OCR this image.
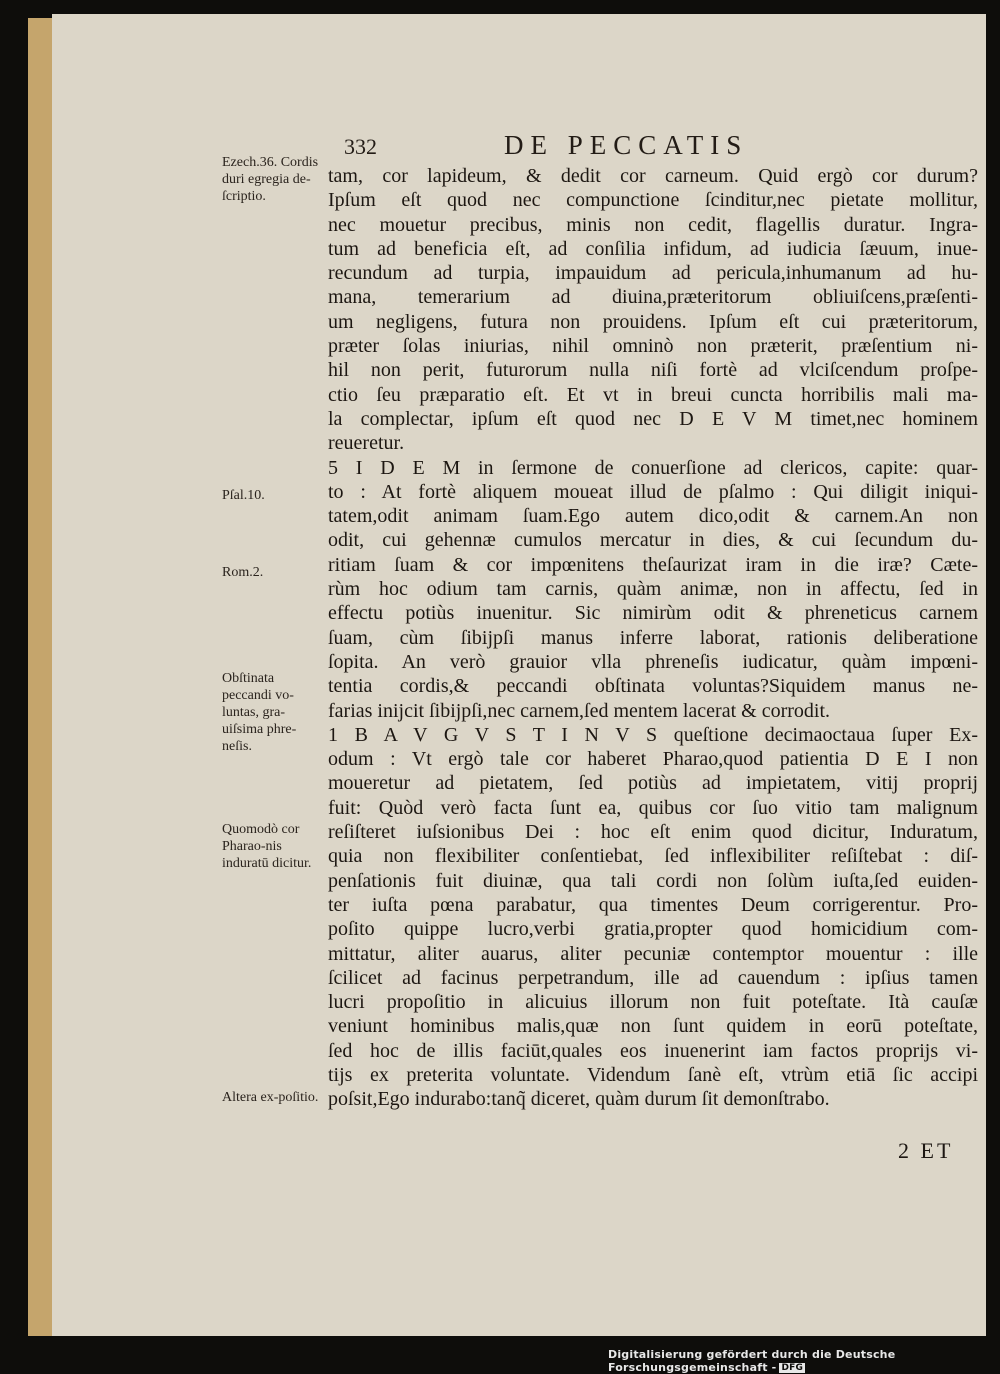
332	DE PECCATIS
tam, cor lapideum, & dedit cor carneum. Quid ergò cor durum?
Ipſum eſt quod nec compunctione ſcinditur,nec pietate mollitur,
nec mouetur precibus, minis non cedit, flagellis duratur. Ingra-
tum ad beneficia eſt, ad conſilia infidum, ad iudicia ſæuum, inue-
recundum ad turpia, impauidum ad pericula,inhumanum ad hu-
mana, temerarium ad diuina,præteritorum obliuiſcens,præſenti-
um negligens, futura non prouidens. Ipſum eſt cui præteritorum,
præter ſolas iniurias, nihil omninò non præterit, præſentium ni-
hil non perit, futurorum nulla niſi fortè ad vlciſcendum proſpe-
ctio ſeu præparatio eſt. Et vt in breui cuncta horribilis mali ma-
la complectar, ipſum eſt quod nec D E V M timet,nec hominem
reueretur.
5 I D E M in ſermone de conuerſione ad clericos, capite: quar-
to : At fortè aliquem moueat illud de pſalmo : Qui diligit iniqui-
tatem,odit animam ſuam.Ego autem dico,odit & carnem.An non
odit, cui gehennæ cumulos mercatur in dies, & cui ſecundum du-
ritiam ſuam & cor impœnitens theſaurizat iram in die iræ? Cæte-
rùm hoc odium tam carnis, quàm animæ, non in affectu, ſed in
effectu potiùs inuenitur. Sic nimirùm odit & phreneticus carnem
ſuam, cùm ſibijpſi manus inferre laborat, rationis deliberatione
ſopita. An verò grauior vlla phreneſis iudicatur, quàm impœni-
tentia cordis,& peccandi obſtinata voluntas?Siquidem manus ne-
farias inijcit ſibijpſi,nec carnem,ſed mentem lacerat & corrodit.
1 B A V G V S T I N V S queſtione decimaoctaua ſuper Ex-
odum : Vt ergò tale cor haberet Pharao,quod patientia D E I non
moueretur ad pietatem, ſed potiùs ad impietatem, vitij proprij
fuit: Quòd verò facta ſunt ea, quibus cor ſuo vitio tam malignum
reſiſteret iuſsionibus Dei : hoc eſt enim quod dicitur, Induratum,
quia non flexibiliter conſentiebat, ſed inflexibiliter reſiſtebat : diſ-
penſationis fuit diuinæ, qua tali cordi non ſolùm iuſta,ſed euiden-
ter iuſta pœna parabatur, qua timentes Deum corrigerentur. Pro-
poſito quippe lucro,verbi gratia,propter quod homicidium com-
mittatur, aliter auarus, aliter pecuniæ contemptor mouentur : ille
ſcilicet ad facinus perpetrandum, ille ad cauendum : ipſius tamen
lucri propoſitio in alicuius illorum non fuit poteſtate. Ità cauſæ
veniunt hominibus malis,quæ non ſunt quidem in eorū poteſtate,
ſed hoc de illis faciūt,quales eos inuenerint iam factos proprijs vi-
tijs ex preterita voluntate. Videndum ſanè eſt, vtrùm etiā ſic accipi
poſsit,Ego indurabo:tanq̃ diceret, quàm durum ſit demonſtrabo.
Ezech.36. Cordis duri egregia de-ſcriptio.
Pſal.10.
Rom.2.
Obſtinata peccandi vo-luntas, gra-uiſsima phre-neſis.
Quomodò cor Pharao-nis induratū dicitur.
Altera ex-poſitio.
2 ET
Digitalisierung gefördert durch die Deutsche Forschungsgemeinschaft - DFG
